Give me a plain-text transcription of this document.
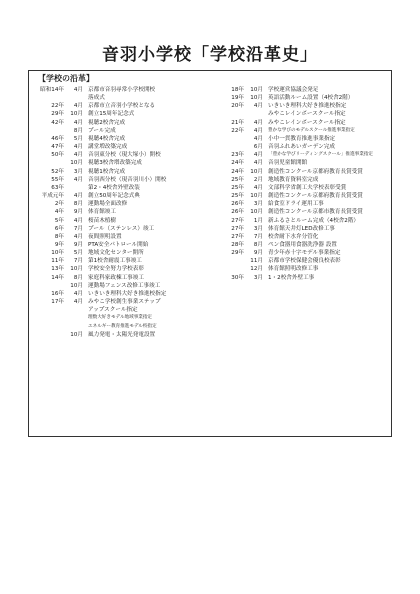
音羽小学校「学校沿革史」
【学校の沿革】
昭和14年	4月 京都市音羽尋常小学校開校
落成式
22年	4月 京都市立音羽小学校となる
29年	10月 創立15周年記念式
42年	4月 視聴2校舎完成
8月 プール完成
46年	5月 視聴4校舎完成
47年	4月 講堂増改築完成
50年	4月 音羽東分校（現大塚小）開校
10月 視聴3校舎増改築完成
52年	3月 視聴1校舎完成
55年	4月 音羽西分校（現音羽川小）開校
63年	第2・4校舎外壁改装
平成元年	4月 創立50周年記念式典
2年	8月 運動場全面改修
4年	9月 体育館竣工
5年	4月 桜苗木植樹
6年	7月 プール（ステンレス）竣工
8年	4月 夜間照明設置
9年	9月 PTA安全パトロール開始
10年	5月 地域文化センター開所
11年	7月 第1校舎耐震工事竣工
13年	10月 学校安全努力学校表彰
14年	8月 家庭科家政棟工事竣工
10月 運動場フェンス改修工事竣工
16年	4月 いきいき理科大好き推進校指定
17年	4月 みやこ学校創生事業ステップ
アップスクール指定
理数大好きモデル地域事業指定
エネルギー教育推進モデル校指定
10月 風力発電・太陽光発電設置
18年	10月 学校運営協議会発足
19年	10月 英語活動ルーム設置（4校舎2階）
20年	4月 いきいき理科大好き推進校指定
みやこレインボースクール指定
21年	4月 みやこレインボースクール指定
22年	4月	豊かな学びのモデルスクール推進事業指定
4月 小中一貫教育推進事業指定
6月 音羽ふれあいガーデン完成
23年	4月	「豊かな学びリーディングスクール」推進事業指定
24年	4月 音羽児童館開館
24年	10月 創造性コンクール京都府教育長賞受賞
25年	2月 地域教育資料室完成
25年	4月 文部科学省創工夫学校表彰受賞
25年	10月 創造性コンクール京都府教育長賞受賞
26年	3月 給食室ドライ運用工事
26年	10月 創造性コンクール京都市教育長賞受賞
27年	1月 新ふるさとルーム完成（4校舎2階）
27年	3月 体育館天井灯LED改修工事
27年	7月 校舎耐下水弁分管化
28年	8月 ペン食器用食器洗浄器 設置
29年	9月 青少年赤十字モデル事業指定
11月 京都市学校保健会優良校表彰
12月 体育館照明改修工事
30年	3月 1・2校舎外壁工事
